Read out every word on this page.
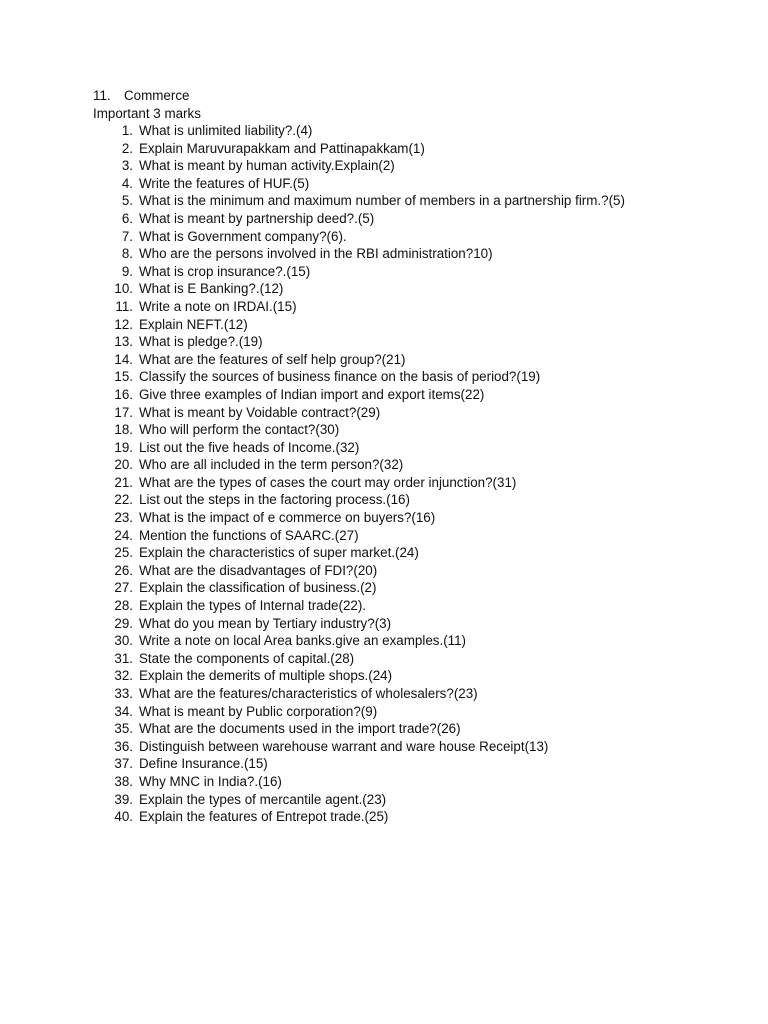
11. Commerce
Important 3 marks
1. What is unlimited liability?.(4)
2. Explain Maruvurapakkam and Pattinapakkam(1)
3. What is meant by human activity.Explain(2)
4. Write the features of HUF.(5)
5. What is the minimum and maximum number of members in a partnership firm.?(5)
6. What is meant by partnership deed?.(5)
7. What is Government company?(6).
8. Who are the persons involved in the RBI administration?10)
9. What is crop insurance?.(15)
10. What is E Banking?.(12)
11. Write a note on IRDAI.(15)
12. Explain NEFT.(12)
13. What is pledge?.(19)
14. What are the features of self help group?(21)
15. Classify the sources of business finance on the basis of period?(19)
16. Give three examples of Indian import and export items(22)
17. What is meant by Voidable contract?(29)
18. Who will perform the contact?(30)
19. List out the five heads of Income.(32)
20. Who are all included in the term person?(32)
21. What are the types of cases the court may order injunction?(31)
22. List out the steps in the factoring process.(16)
23. What is the impact of e commerce on buyers?(16)
24. Mention the functions of SAARC.(27)
25. Explain the characteristics of super market.(24)
26. What are the disadvantages of FDI?(20)
27. Explain the classification of business.(2)
28. Explain the types of Internal trade(22).
29. What do you mean by Tertiary industry?(3)
30. Write a note on local Area banks.give an examples.(11)
31. State the components of capital.(28)
32. Explain the demerits of multiple shops.(24)
33. What are the features/characteristics of wholesalers?(23)
34. What is meant by Public corporation?(9)
35. What are the documents used in the import trade?(26)
36. Distinguish between warehouse warrant and ware house Receipt(13)
37. Define Insurance.(15)
38. Why MNC in India?.(16)
39. Explain the types of mercantile agent.(23)
40. Explain the features of Entrepot trade.(25)
